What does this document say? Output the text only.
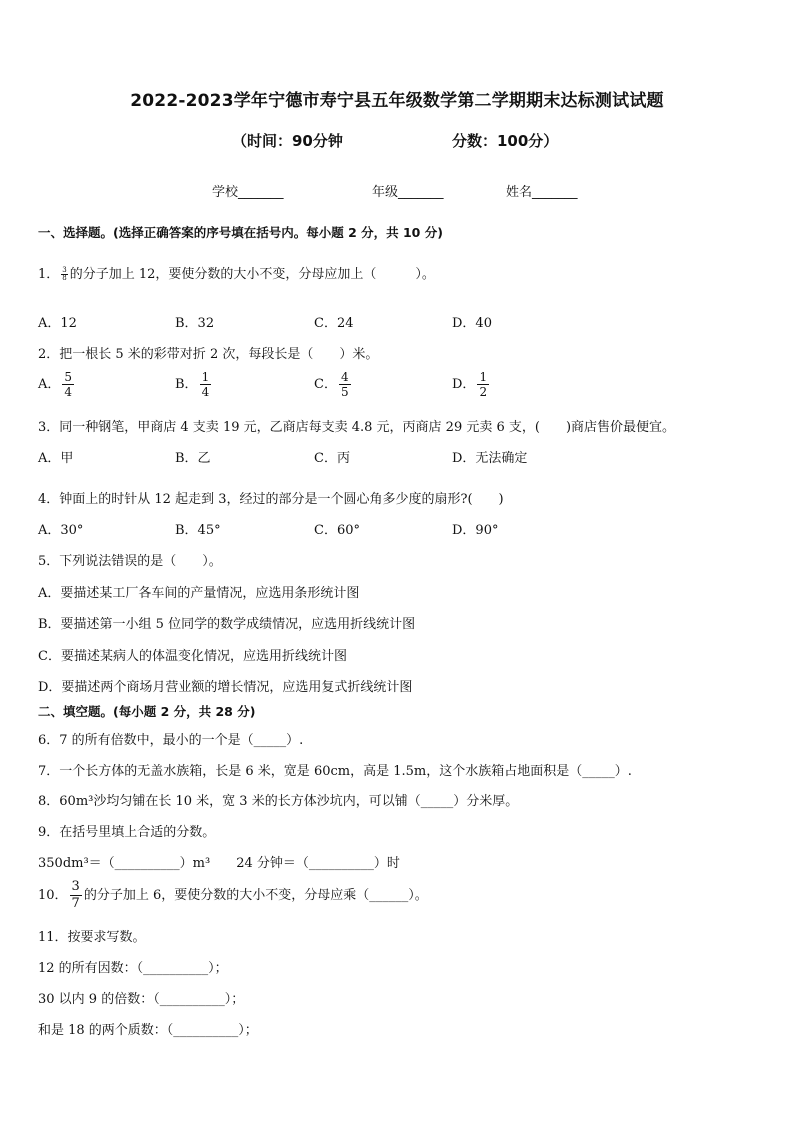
2022-2023学年宁德市寿宁县五年级数学第二学期期末达标测试试题
（时间：90分钟	分数：100分）
学校_______	年级_______	姓名_______
一、选择题。(选择正确答案的序号填在括号内。每小题 2 分，共 10 分)
1． $\frac{3}{8}$ 的分子加上 12，要使分数的大小不变，分母应加上（　　　）。
A．12	B．32	C．24	D．40
2．把一根长 5 米的彩带对折 2 次，每段长是（　　）米。
A． $\frac{5}{4}$	B． $\frac{1}{4}$	C． $\frac{4}{5}$	D． $\frac{1}{2}$
3．同一种钢笔，甲商店 4 支卖 19 元，乙商店每支卖 4.8 元，丙商店 29 元卖 6 支，(　　)商店售价最便宜。
A．甲	B．乙	C．丙	D．无法确定
4．钟面上的时针从 12 起走到 3，经过的部分是一个圆心角多少度的扇形?(　　)
A．30°	B．45°	C．60°	D．90°
5．下列说法错误的是（　　）。
A．要描述某工厂各车间的产量情况，应选用条形统计图
B．要描述第一小组 5 位同学的数学成绩情况，应选用折线统计图
C．要描述某病人的体温变化情况，应选用折线统计图
D．要描述两个商场月营业额的增长情况，应选用复式折线统计图
二、填空题。(每小题 2 分，共 28 分)
6．7 的所有倍数中，最小的一个是（_____）.
7．一个长方体的无盖水族箱，长是 6 米，宽是 60cm，高是 1.5m，这个水族箱占地面积是（_____）.
8．60m³沙均匀铺在长 10 米，宽 3 米的长方体沙坑内，可以铺（_____）分米厚。
9．在括号里填上合适的分数。
350dm³＝（__________）m³　　24 分钟＝（__________）时
10． $\frac{3}{7}$ 的分子加上 6，要使分数的大小不变，分母应乘（______）。
11．按要求写数。
12 的所有因数：（__________）；
30 以内 9 的倍数：（__________）；
和是 18 的两个质数：（__________）；
